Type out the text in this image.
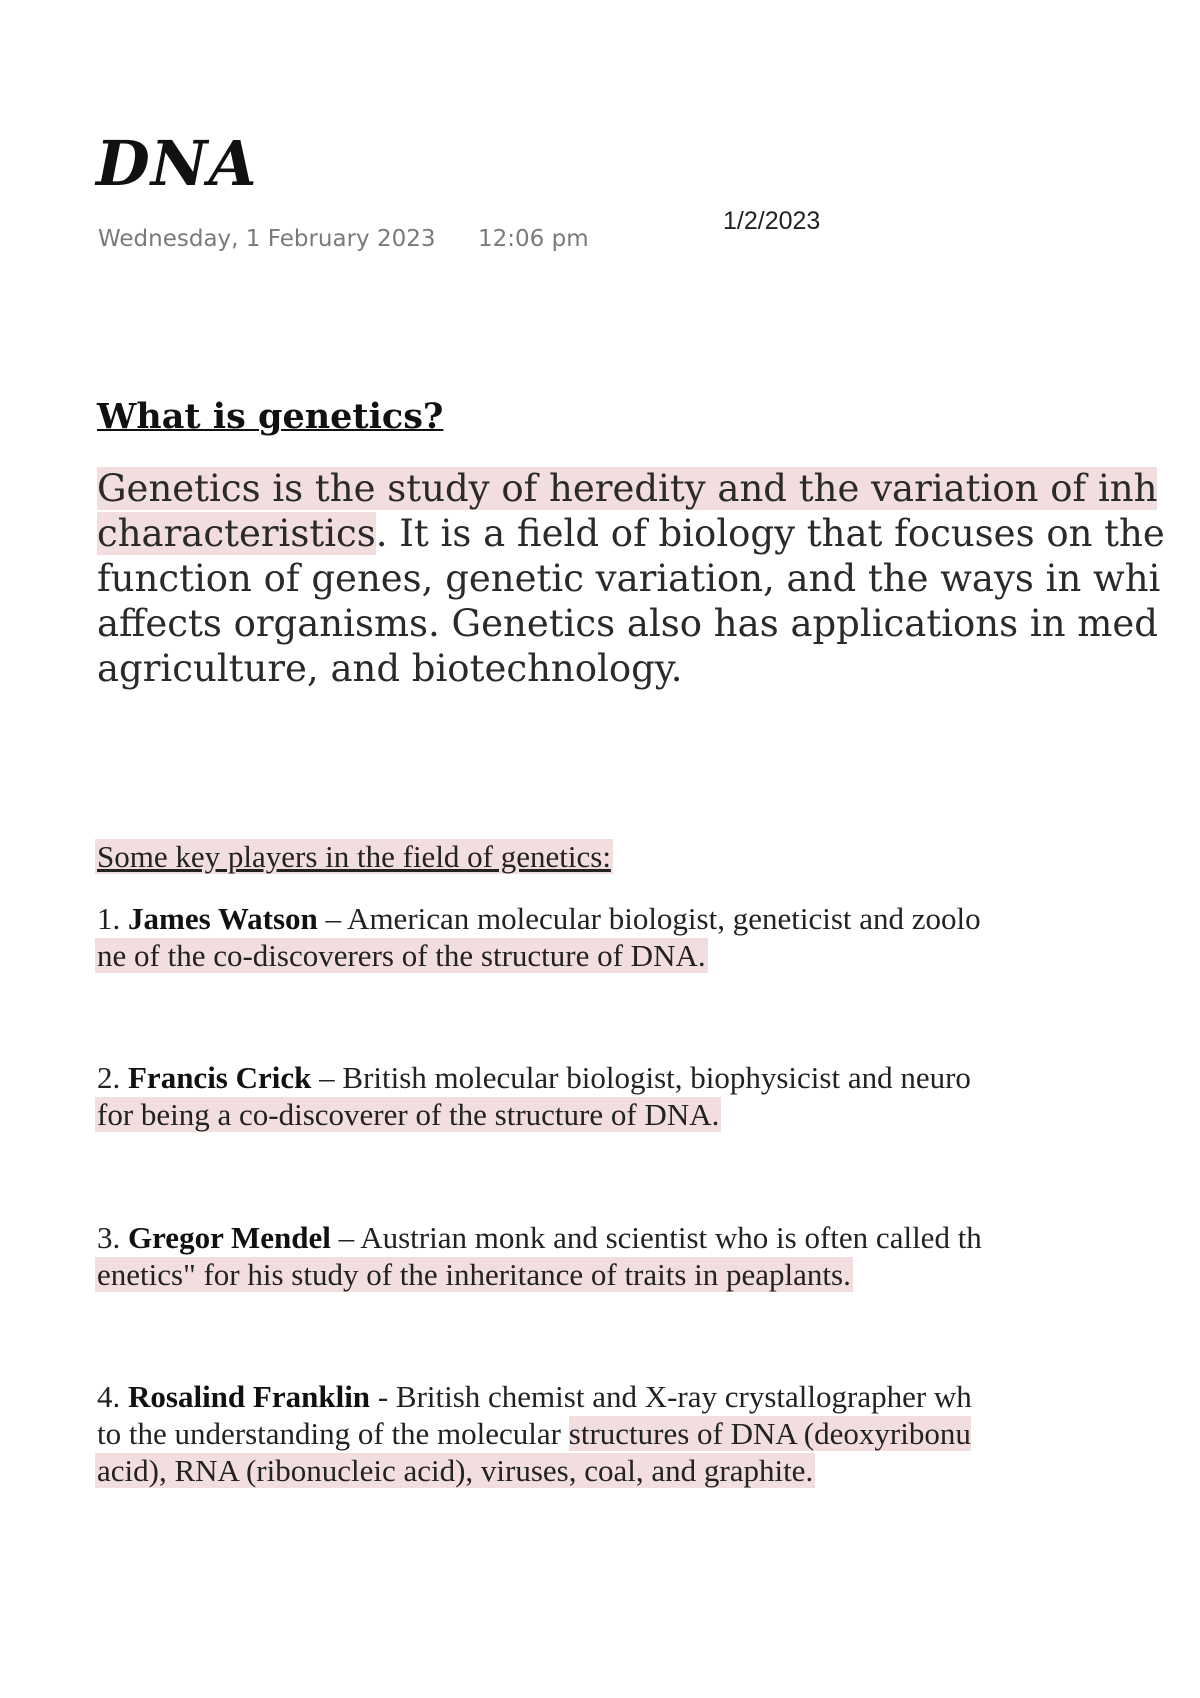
DNA
Wednesday, 1 February 2023 12:06 pm
1/2/2023
What is genetics?
Genetics is the study of heredity and the variation of inh
characteristics. It is a field of biology that focuses on the
function of genes, genetic variation, and the ways in whi
affects organisms. Genetics also has applications in med
agriculture, and biotechnology.
Some key players in the field of genetics:
1. James Watson – American molecular biologist, geneticist and zoolo
ne of the co-discoverers of the structure of DNA.
2. Francis Crick – British molecular biologist, biophysicist and neuro
for being a co-discoverer of the structure of DNA.
3. Gregor Mendel – Austrian monk and scientist who is often called th
enetics" for his study of the inheritance of traits in peaplants.
4. Rosalind Franklin - British chemist and X-ray crystallographer wh
to the understanding of the molecular structures of DNA (deoxyribonu
acid), RNA (ribonucleic acid), viruses, coal, and graphite.
